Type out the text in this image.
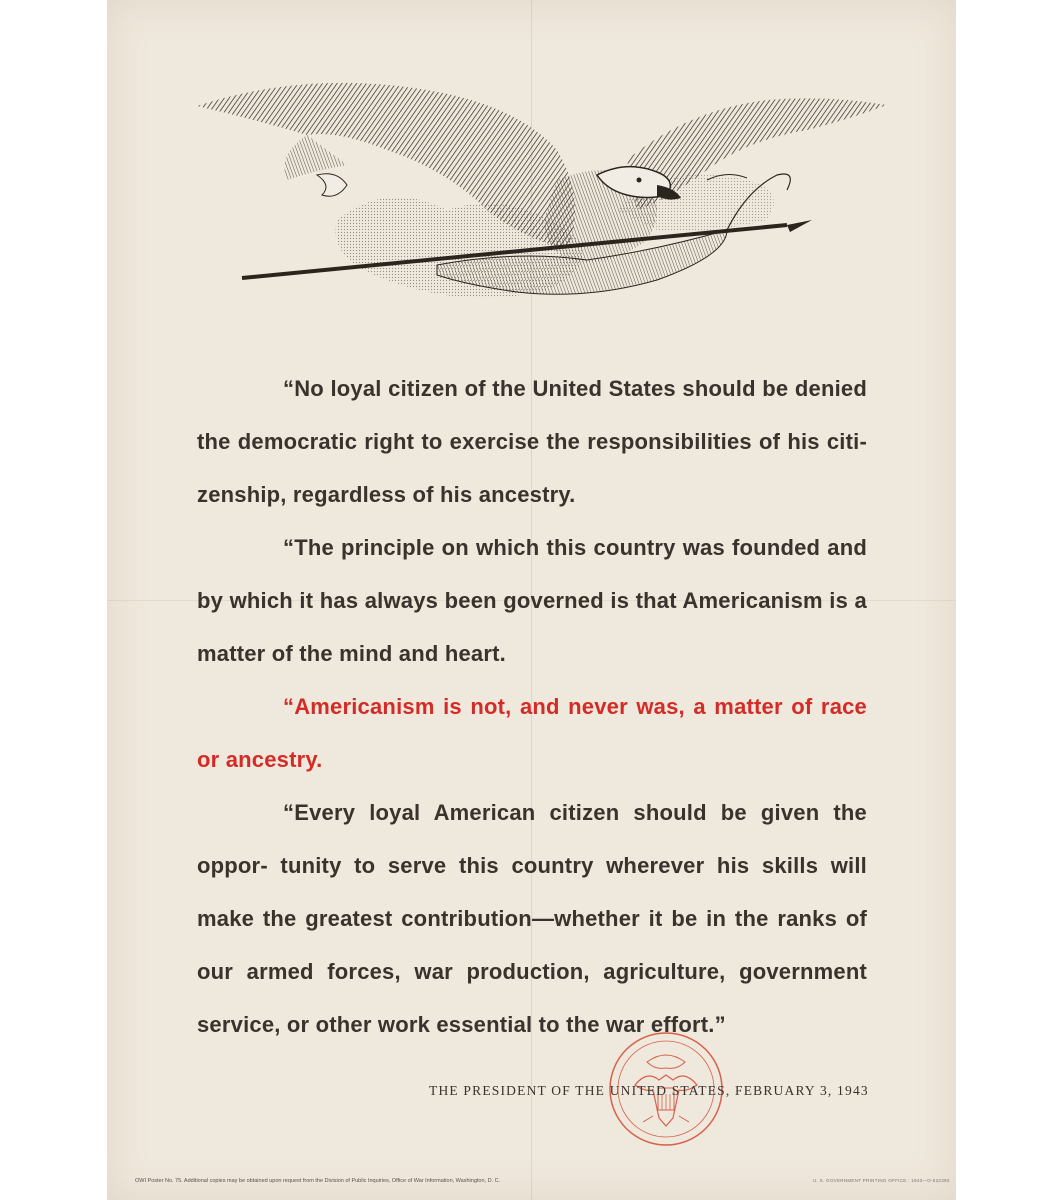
“No loyal citizen of the United States should be denied the democratic right to exercise the responsibilities of his citi- zenship, regardless of his ancestry.

“The principle on which this country was founded and by which it has always been governed is that Americanism is a matter of the mind and heart.

“Americanism is not, and never was, a matter of race or ancestry.

“Every loyal American citizen should be given the oppor- tunity to serve this country wherever his skills will make the greatest contribution—whether it be in the ranks of our armed forces, war production, agriculture, government service, or other work essential to the war effort.”

THE PRESIDENT OF THE UNITED STATES, FEBRUARY 3, 1943
OWI Poster No. 75. Additional copies may be obtained upon request from the Division of Public Inquiries, Office of War Information, Washington, D. C.	U. S. GOVERNMENT PRINTING OFFICE : 1943—O-522393
